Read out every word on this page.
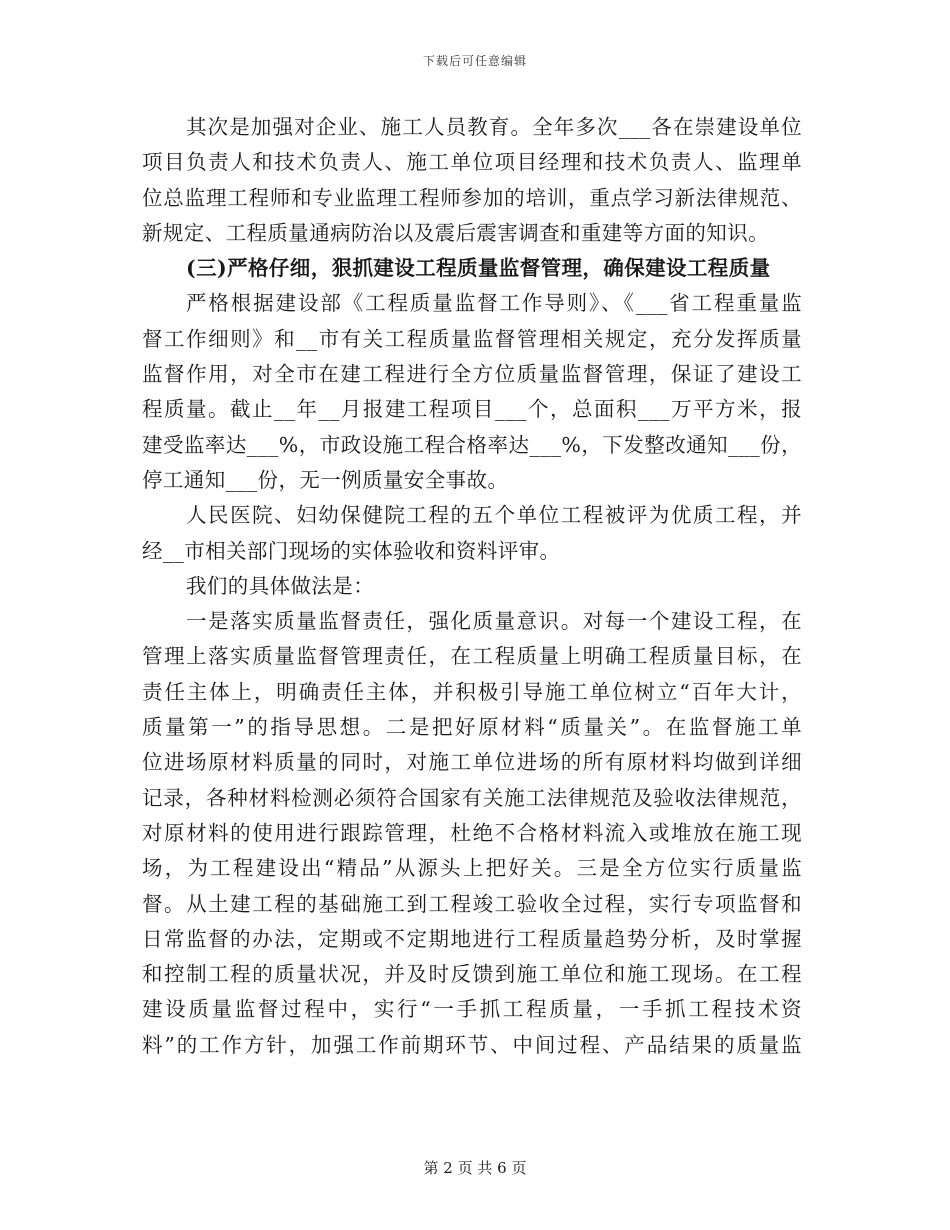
下载后可任意编辑
其次是加强对企业、施工人员教育。全年多次___各在崇建设单位
项目负责人和技术负责人、施工单位项目经理和技术负责人、监理单
位总监理工程师和专业监理工程师参加的培训，重点学习新法律规范、
新规定、工程质量通病防治以及震后震害调查和重建等方面的知识。
(三)严格仔细，狠抓建设工程质量监督管理，确保建设工程质量
严格根据建设部《工程质量监督工作导则》、《___省工程重量监
督工作细则》和__市有关工程质量监督管理相关规定，充分发挥质量
监督作用，对全市在建工程进行全方位质量监督管理，保证了建设工
程质量。截止__年__月报建工程项目___个，总面积___万平方米，报
建受监率达___%，市政设施工程合格率达___%，下发整改通知___份，
停工通知___份，无一例质量安全事故。
人民医院、妇幼保健院工程的五个单位工程被评为优质工程，并
经__市相关部门现场的实体验收和资料评审。
我们的具体做法是：
一是落实质量监督责任，强化质量意识。对每一个建设工程，在
管理上落实质量监督管理责任，在工程质量上明确工程质量目标，在
责任主体上，明确责任主体，并积极引导施工单位树立“百年大计，
质量第一”的指导思想。二是把好原材料“质量关”。在监督施工单
位进场原材料质量的同时，对施工单位进场的所有原材料均做到详细
记录，各种材料检测必须符合国家有关施工法律规范及验收法律规范，
对原材料的使用进行跟踪管理，杜绝不合格材料流入或堆放在施工现
场，为工程建设出“精品”从源头上把好关。三是全方位实行质量监
督。从土建工程的基础施工到工程竣工验收全过程，实行专项监督和
日常监督的办法，定期或不定期地进行工程质量趋势分析，及时掌握
和控制工程的质量状况，并及时反馈到施工单位和施工现场。在工程
建设质量监督过程中，实行“一手抓工程质量，一手抓工程技术资
料”的工作方针，加强工作前期环节、中间过程、产品结果的质量监
第 2 页 共 6 页
